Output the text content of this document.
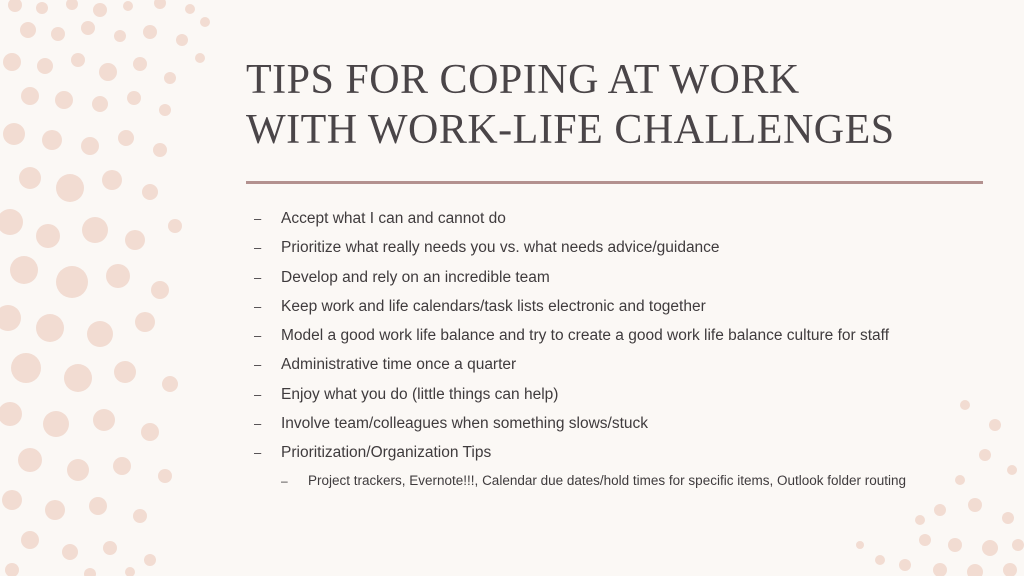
TIPS FOR COPING AT WORK
WITH WORK-LIFE CHALLENGES
– Accept what I can and cannot do
– Prioritize what really needs you vs. what needs advice/guidance
– Develop and rely on an incredible team
– Keep work and life calendars/task lists electronic and together
– Model a good work life balance and try to create a good work life balance culture for staff
– Administrative time once a quarter
– Enjoy what you do (little things can help)
– Involve team/colleagues when something slows/stuck
– Prioritization/Organization Tips
– Project trackers, Evernote!!!, Calendar due dates/hold times for specific items, Outlook folder routing
